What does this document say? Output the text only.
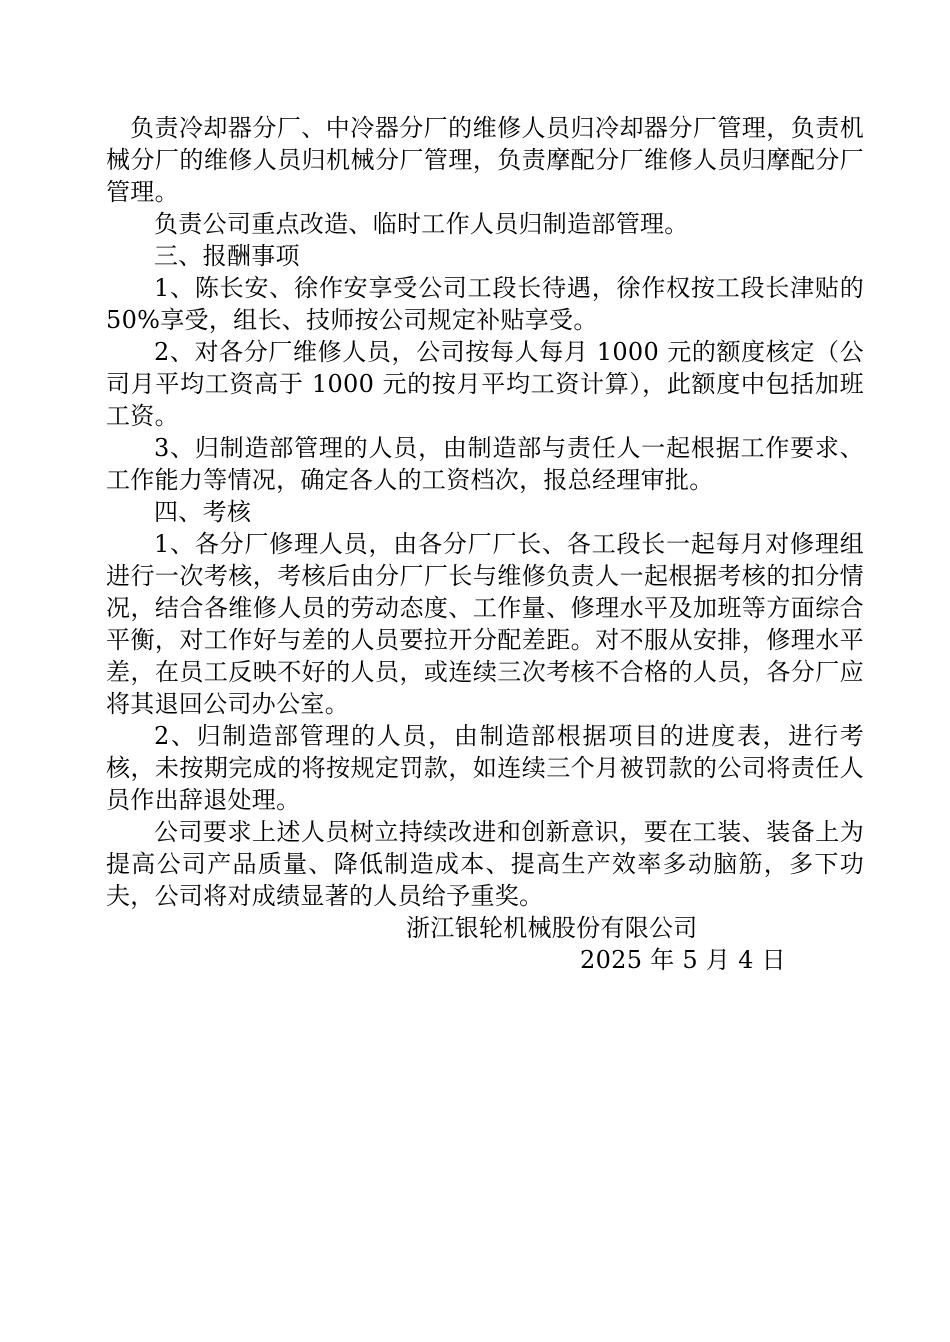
负责冷却器分厂、中冷器分厂的维修人员归冷却器分厂管理，负责机械分厂的维修人员归机械分厂管理，负责摩配分厂维修人员归摩配分厂管理。

负责公司重点改造、临时工作人员归制造部管理。

三、报酬事项

1、陈长安、徐作安享受公司工段长待遇，徐作权按工段长津贴的 50%享受，组长、技师按公司规定补贴享受。

2、对各分厂维修人员，公司按每人每月 1000 元的额度核定（公司月平均工资高于 1000 元的按月平均工资计算），此额度中包括加班工资。

3、归制造部管理的人员，由制造部与责任人一起根据工作要求、工作能力等情况，确定各人的工资档次，报总经理审批。

四、考核

1、各分厂修理人员，由各分厂厂长、各工段长一起每月对修理组进行一次考核，考核后由分厂厂长与维修负责人一起根据考核的扣分情况，结合各维修人员的劳动态度、工作量、修理水平及加班等方面综合平衡，对工作好与差的人员要拉开分配差距。对不服从安排，修理水平差，在员工反映不好的人员，或连续三次考核不合格的人员，各分厂应将其退回公司办公室。

2、归制造部管理的人员，由制造部根据项目的进度表，进行考核，未按期完成的将按规定罚款，如连续三个月被罚款的公司将责任人员作出辞退处理。

公司要求上述人员树立持续改进和创新意识，要在工装、装备上为提高公司产品质量、降低制造成本、提高生产效率多动脑筋，多下功夫，公司将对成绩显著的人员给予重奖。

浙江银轮机械股份有限公司

2025 年 5 月 4 日
